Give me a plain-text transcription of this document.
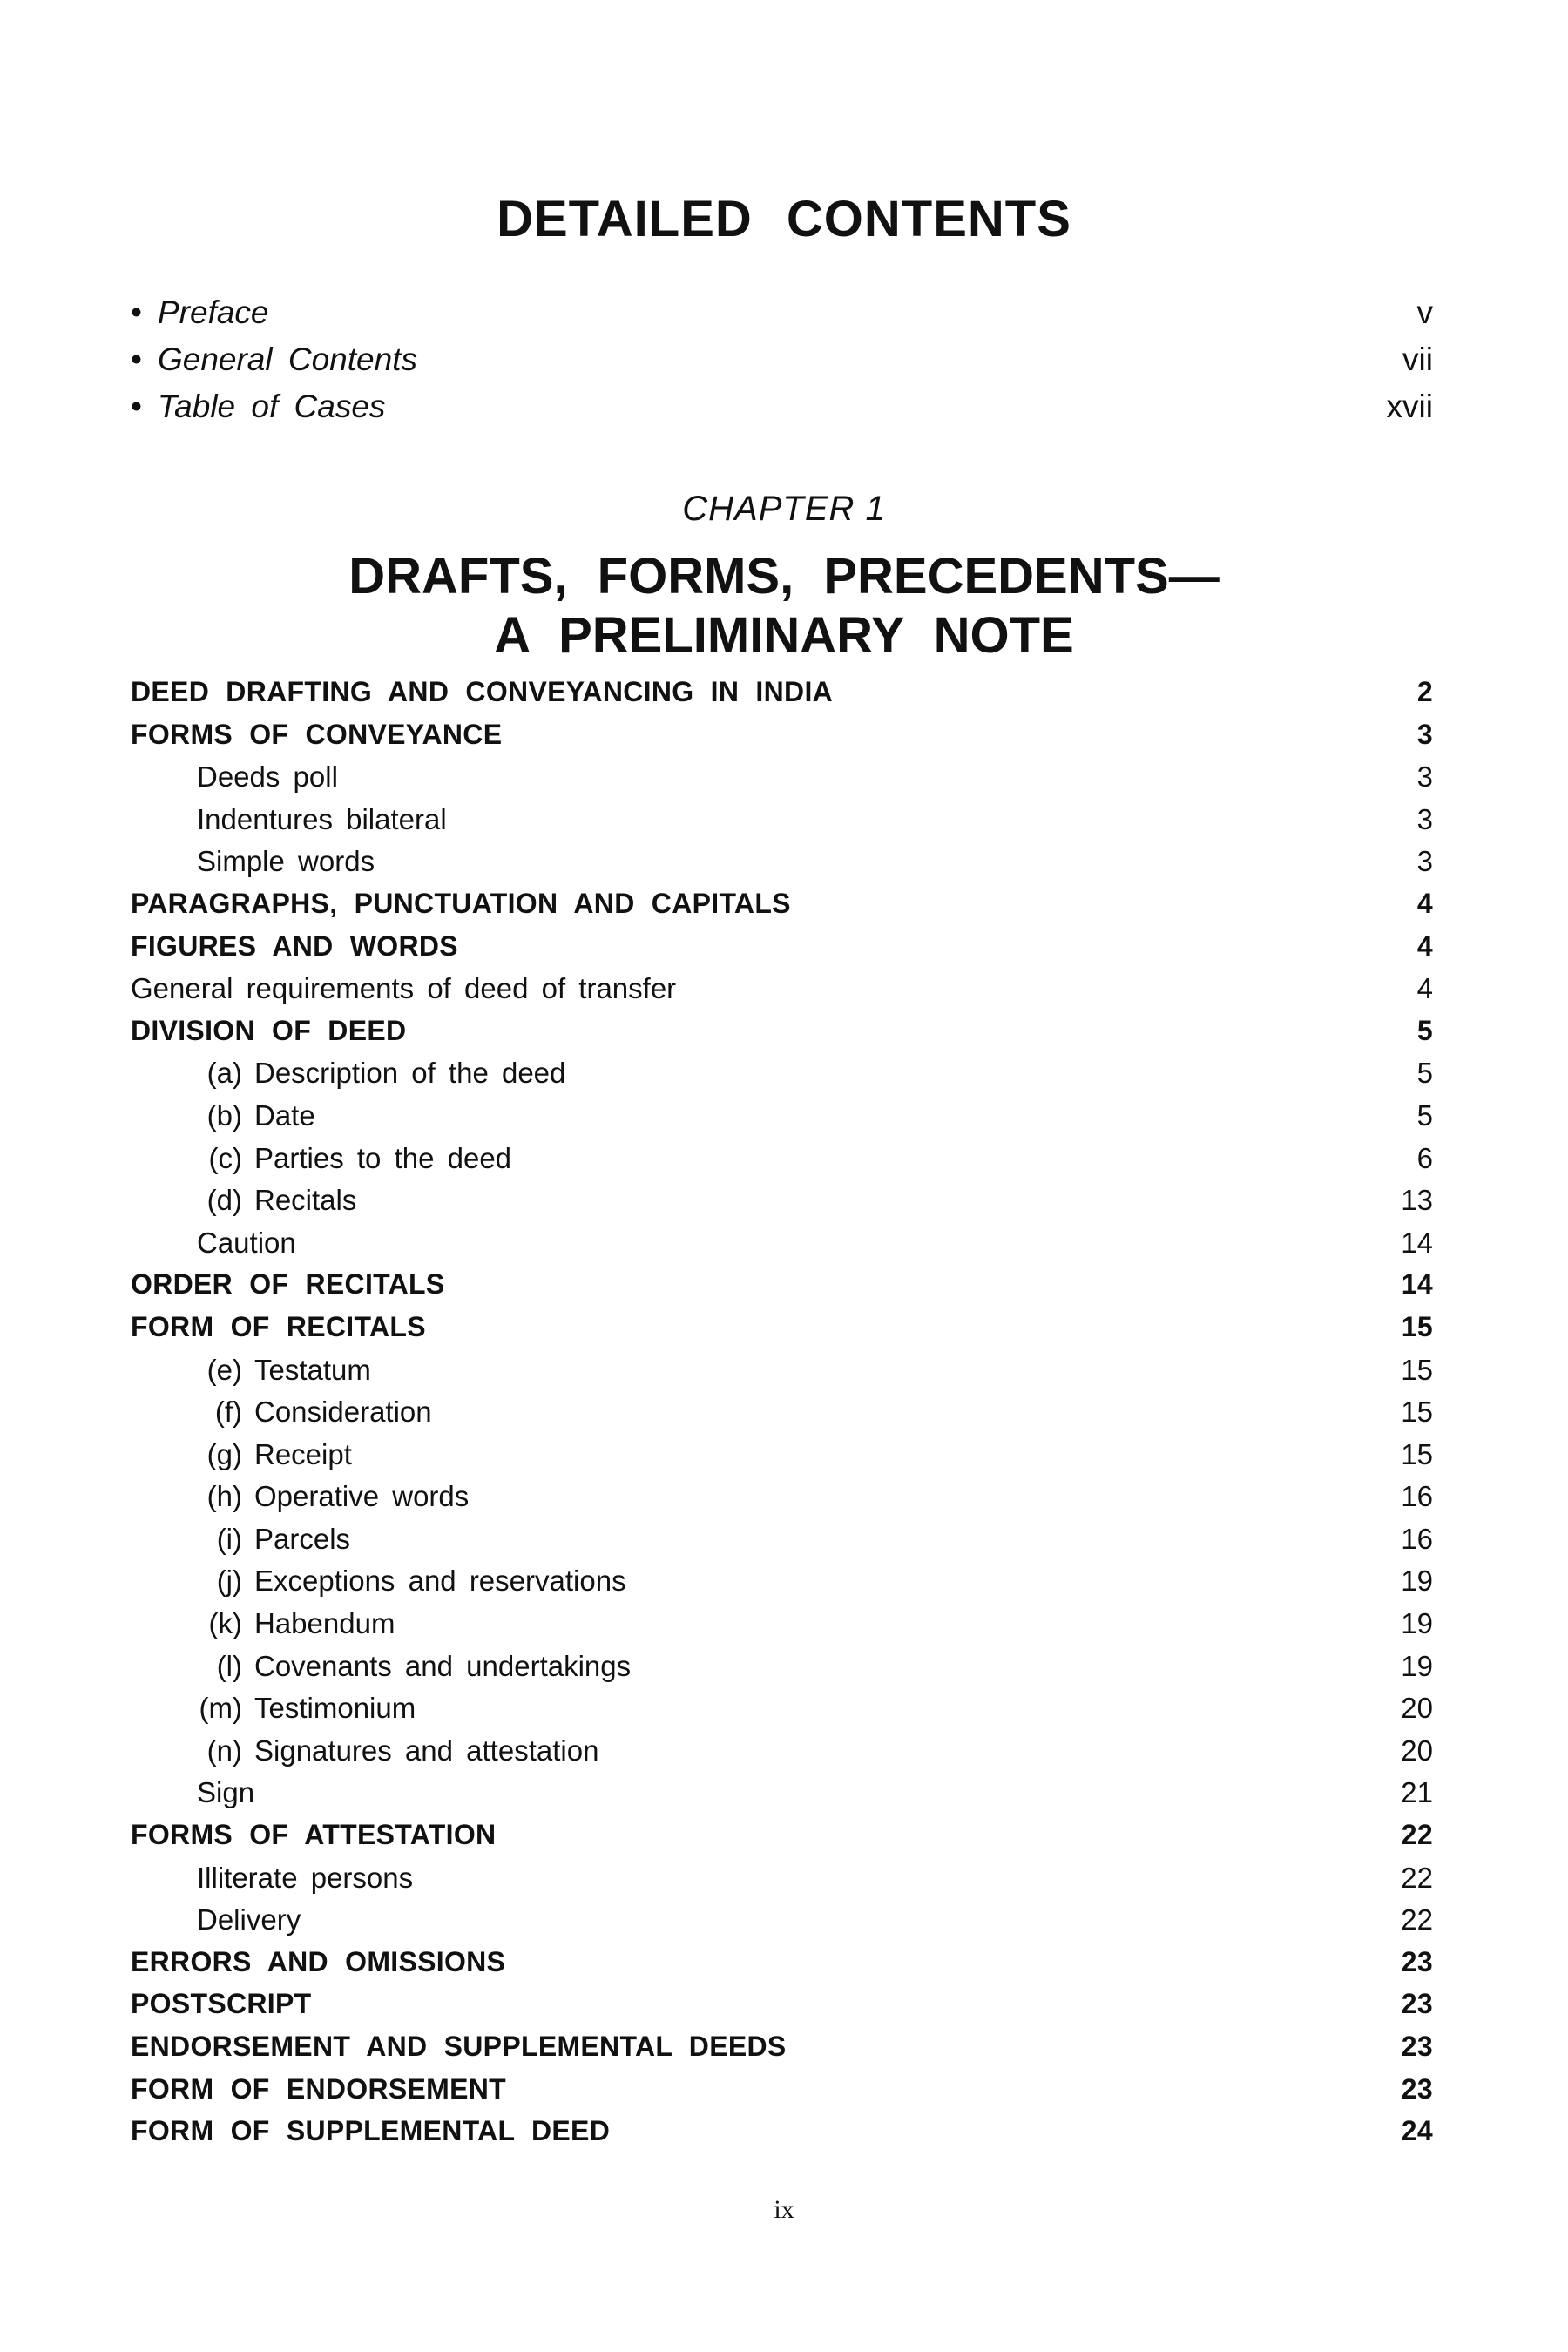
DETAILED CONTENTS
• Preface	v
• General Contents	vii
• Table of Cases	xvii
CHAPTER 1
DRAFTS, FORMS, PRECEDENTS—
A PRELIMINARY NOTE
DEED DRAFTING AND CONVEYANCING IN INDIA	2
FORMS OF CONVEYANCE	3
Deeds poll	3
Indentures bilateral	3
Simple words	3
PARAGRAPHS, PUNCTUATION AND CAPITALS	4
FIGURES AND WORDS	4
General requirements of deed of transfer	4
DIVISION OF DEED	5
(a) Description of the deed	5
(b) Date	5
(c) Parties to the deed	6
(d) Recitals	13
Caution	14
ORDER OF RECITALS	14
FORM OF RECITALS	15
(e) Testatum	15
(f) Consideration	15
(g) Receipt	15
(h) Operative words	16
(i) Parcels	16
(j) Exceptions and reservations	19
(k) Habendum	19
(l) Covenants and undertakings	19
(m) Testimonium	20
(n) Signatures and attestation	20
Sign	21
FORMS OF ATTESTATION	22
Illiterate persons	22
Delivery	22
ERRORS AND OMISSIONS	23
POSTSCRIPT	23
ENDORSEMENT AND SUPPLEMENTAL DEEDS	23
FORM OF ENDORSEMENT	23
FORM OF SUPPLEMENTAL DEED	24
ix
